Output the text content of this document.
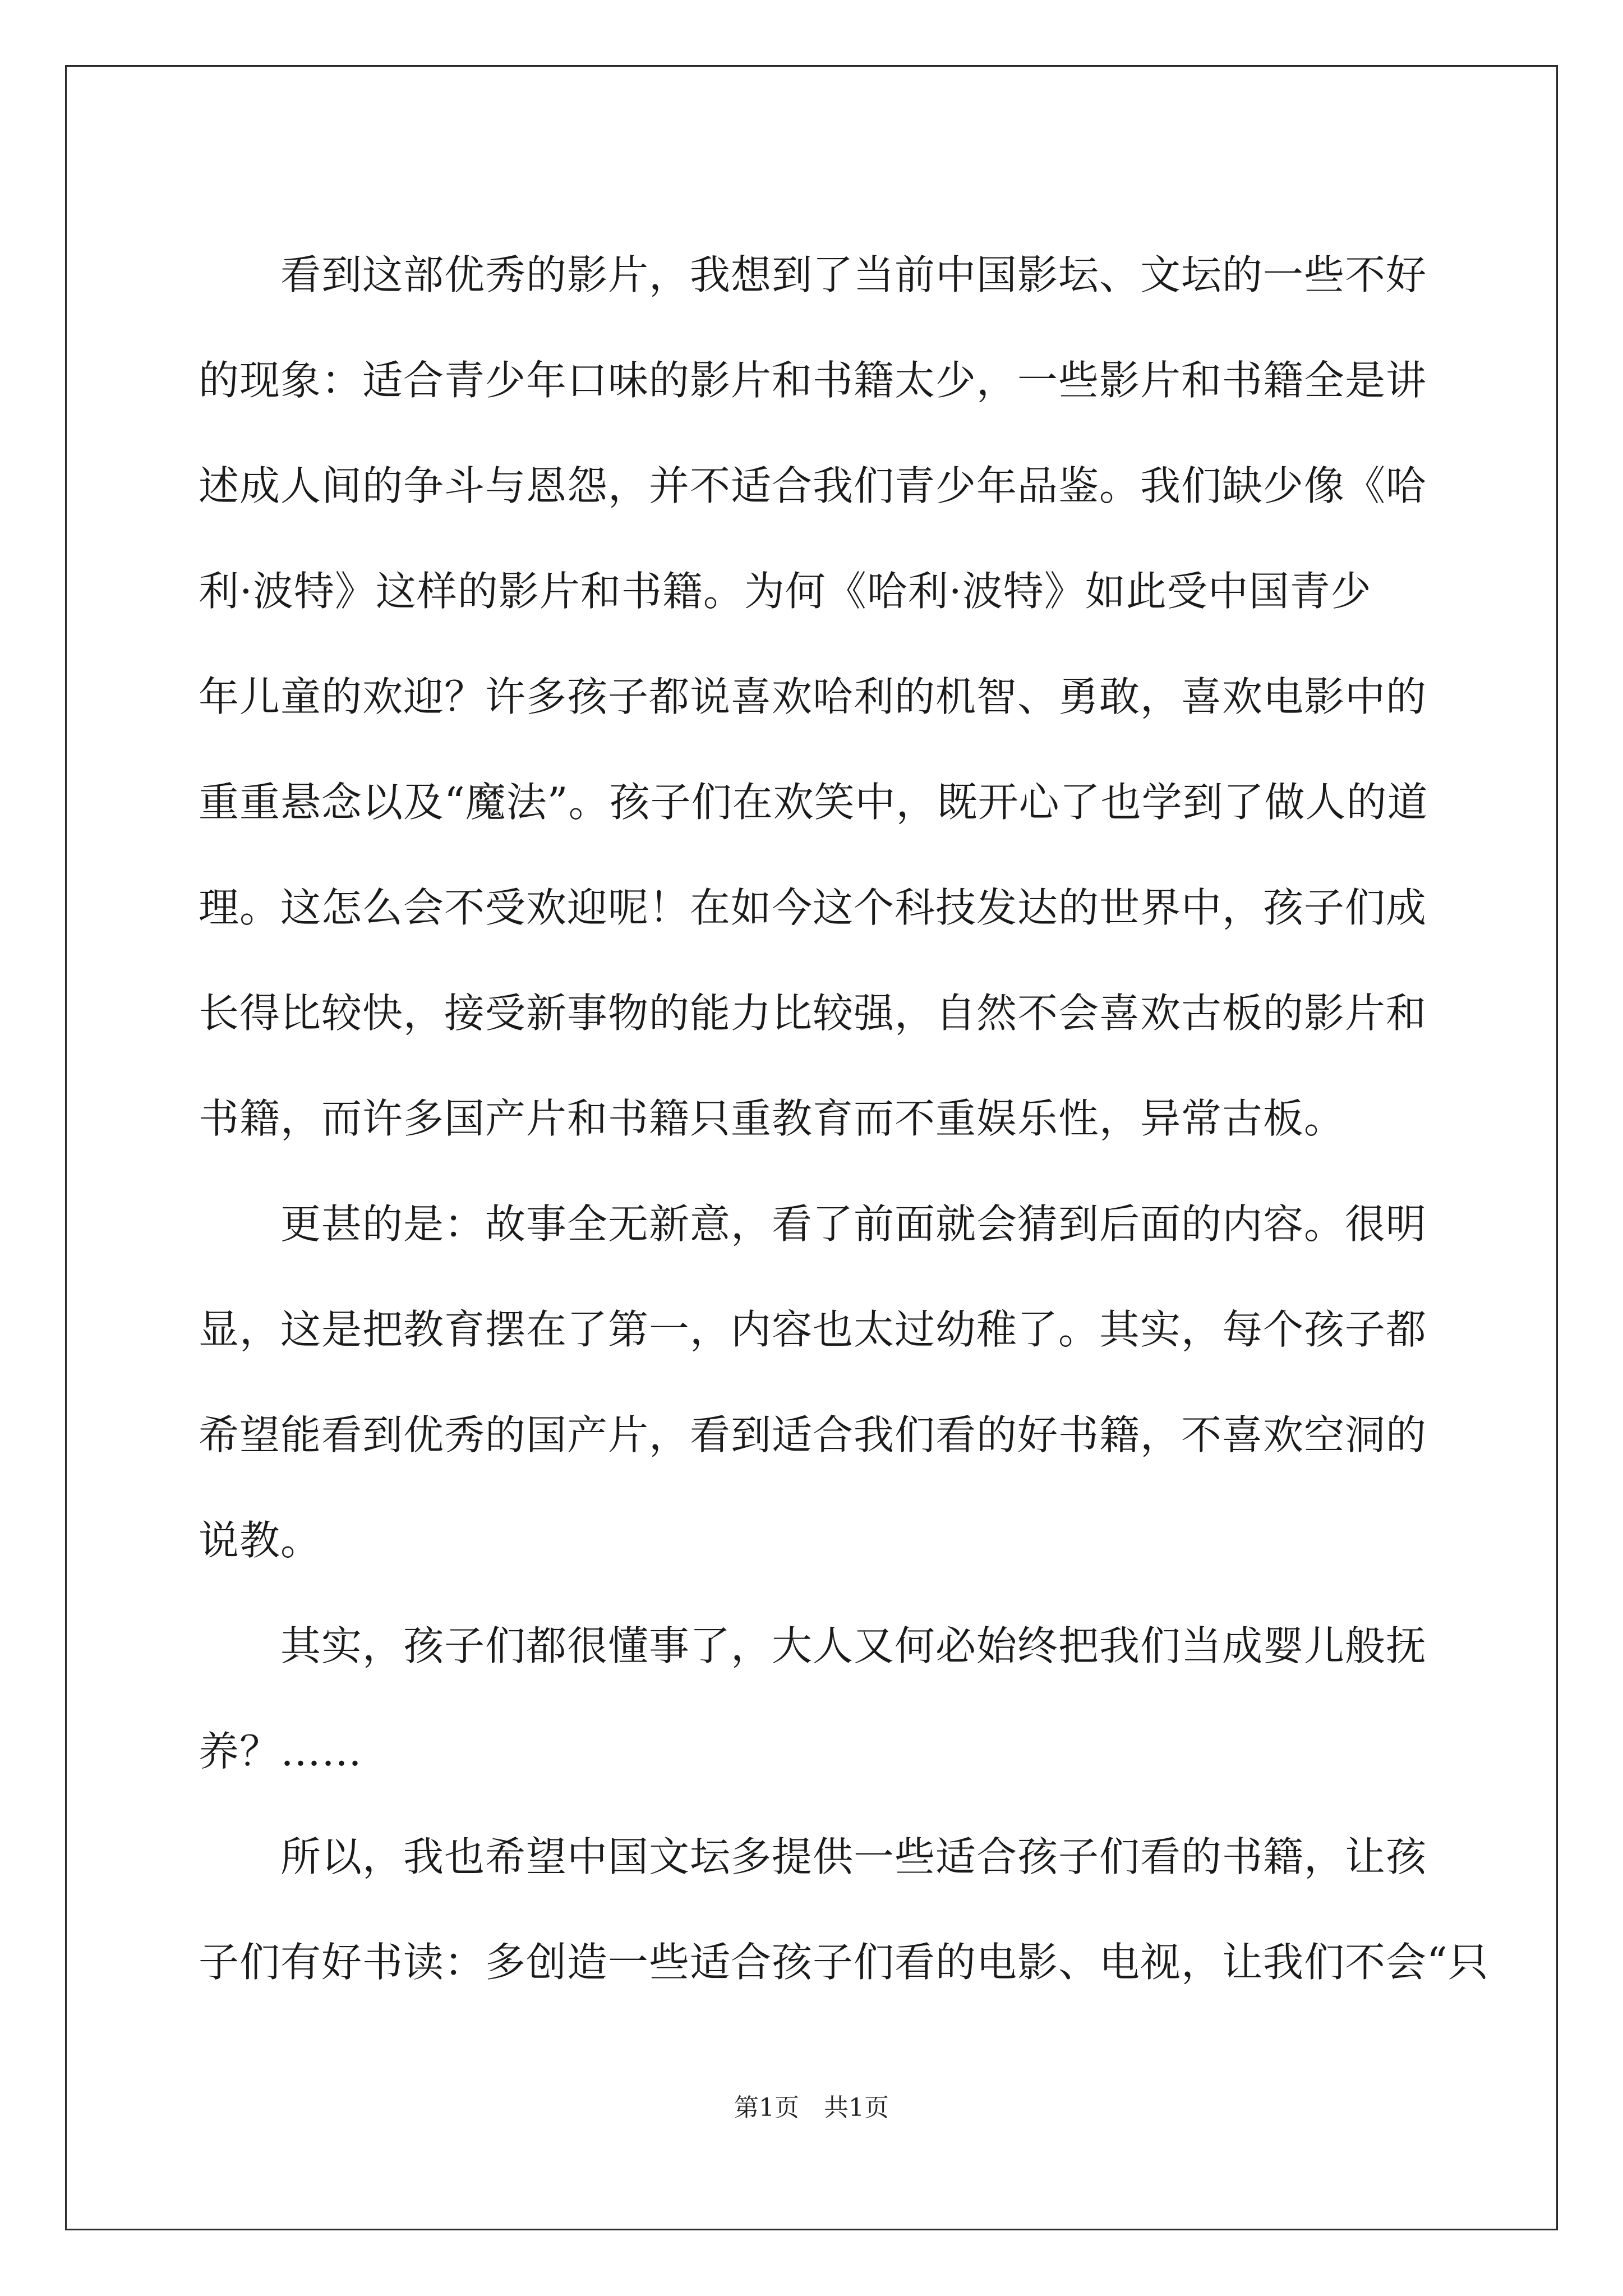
看到这部优秀的影片，我想到了当前中国影坛、文坛的一些不好
的现象：适合青少年口味的影片和书籍太少，一些影片和书籍全是讲
述成人间的争斗与恩怨，并不适合我们青少年品鉴。我们缺少像《哈
利·波特》这样的影片和书籍。为何《哈利·波特》如此受中国青少
年儿童的欢迎？许多孩子都说喜欢哈利的机智、勇敢，喜欢电影中的
重重悬念以及“魔法”。孩子们在欢笑中，既开心了也学到了做人的道
理。这怎么会不受欢迎呢！在如今这个科技发达的世界中，孩子们成
长得比较快，接受新事物的能力比较强，自然不会喜欢古板的影片和
书籍，而许多国产片和书籍只重教育而不重娱乐性，异常古板。
更甚的是：故事全无新意，看了前面就会猜到后面的内容。很明
显，这是把教育摆在了第一，内容也太过幼稚了。其实，每个孩子都
希望能看到优秀的国产片，看到适合我们看的好书籍，不喜欢空洞的
说教。
其实，孩子们都很懂事了，大人又何必始终把我们当成婴儿般抚
养？……
所以，我也希望中国文坛多提供一些适合孩子们看的书籍，让孩
子们有好书读：多创造一些适合孩子们看的电影、电视，让我们不会“只
第1页　共1页
